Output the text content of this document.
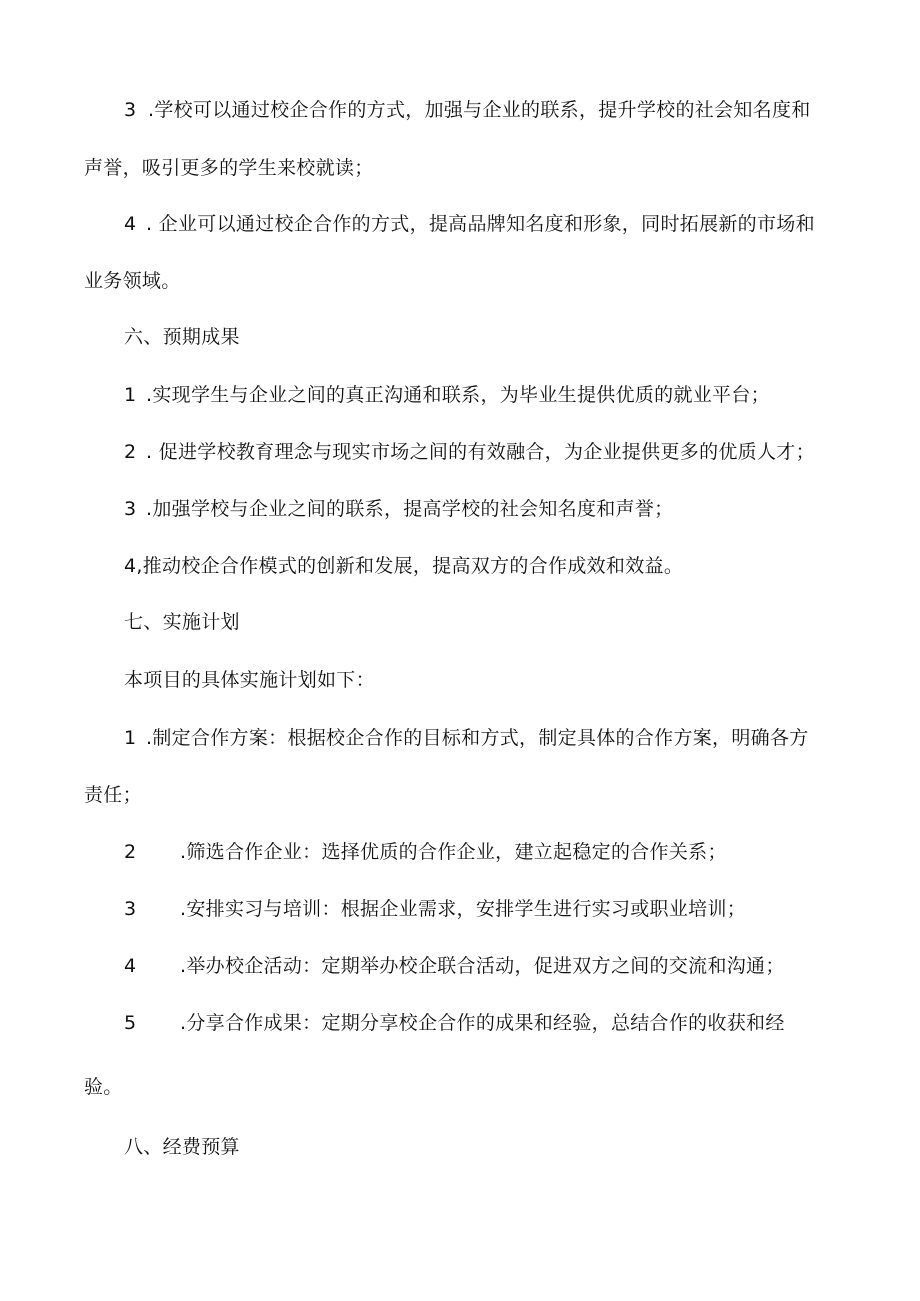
3 .学校可以通过校企合作的方式，加强与企业的联系，提升学校的社会知名度和
声誉，吸引更多的学生来校就读；
4 . 企业可以通过校企合作的方式，提高品牌知名度和形象，同时拓展新的市场和
业务领域。
六、预期成果
1 .实现学生与企业之间的真正沟通和联系，为毕业生提供优质的就业平台；
2 . 促进学校教育理念与现实市场之间的有效融合，为企业提供更多的优质人才；
3 .加强学校与企业之间的联系，提高学校的社会知名度和声誉；
4,推动校企合作模式的创新和发展，提高双方的合作成效和效益。
七、实施计划
本项目的具体实施计划如下：
1 .制定合作方案：根据校企合作的目标和方式，制定具体的合作方案，明确各方
责任；
2 .筛选合作企业：选择优质的合作企业，建立起稳定的合作关系；
3 .安排实习与培训：根据企业需求，安排学生进行实习或职业培训；
4 .举办校企活动：定期举办校企联合活动，促进双方之间的交流和沟通；
5 .分享合作成果：定期分享校企合作的成果和经验，总结合作的收获和经
验。
八、经费预算
